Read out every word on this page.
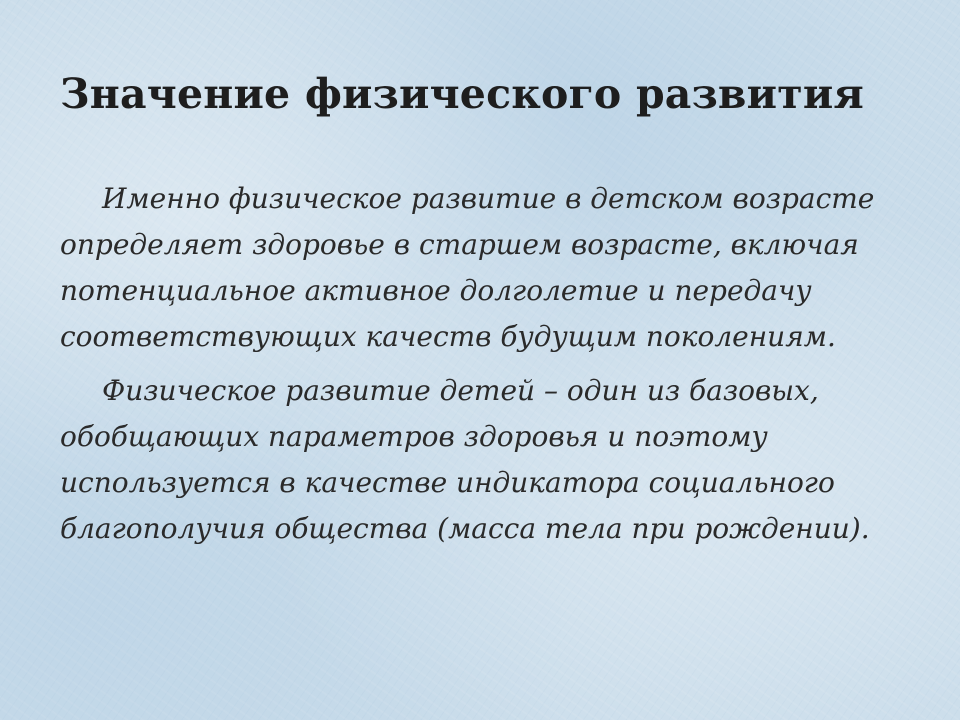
Значение физического развития

Именно физическое развитие в детском возрасте определяет здоровье в старшем возрасте, включая потенциальное активное долголетие и передачу соответствующих качеств будущим поколениям.

Физическое развитие детей – один из базовых, обобщающих параметров здоровья и поэтому используется в качестве индикатора социального благополучия общества (масса тела при рождении).
